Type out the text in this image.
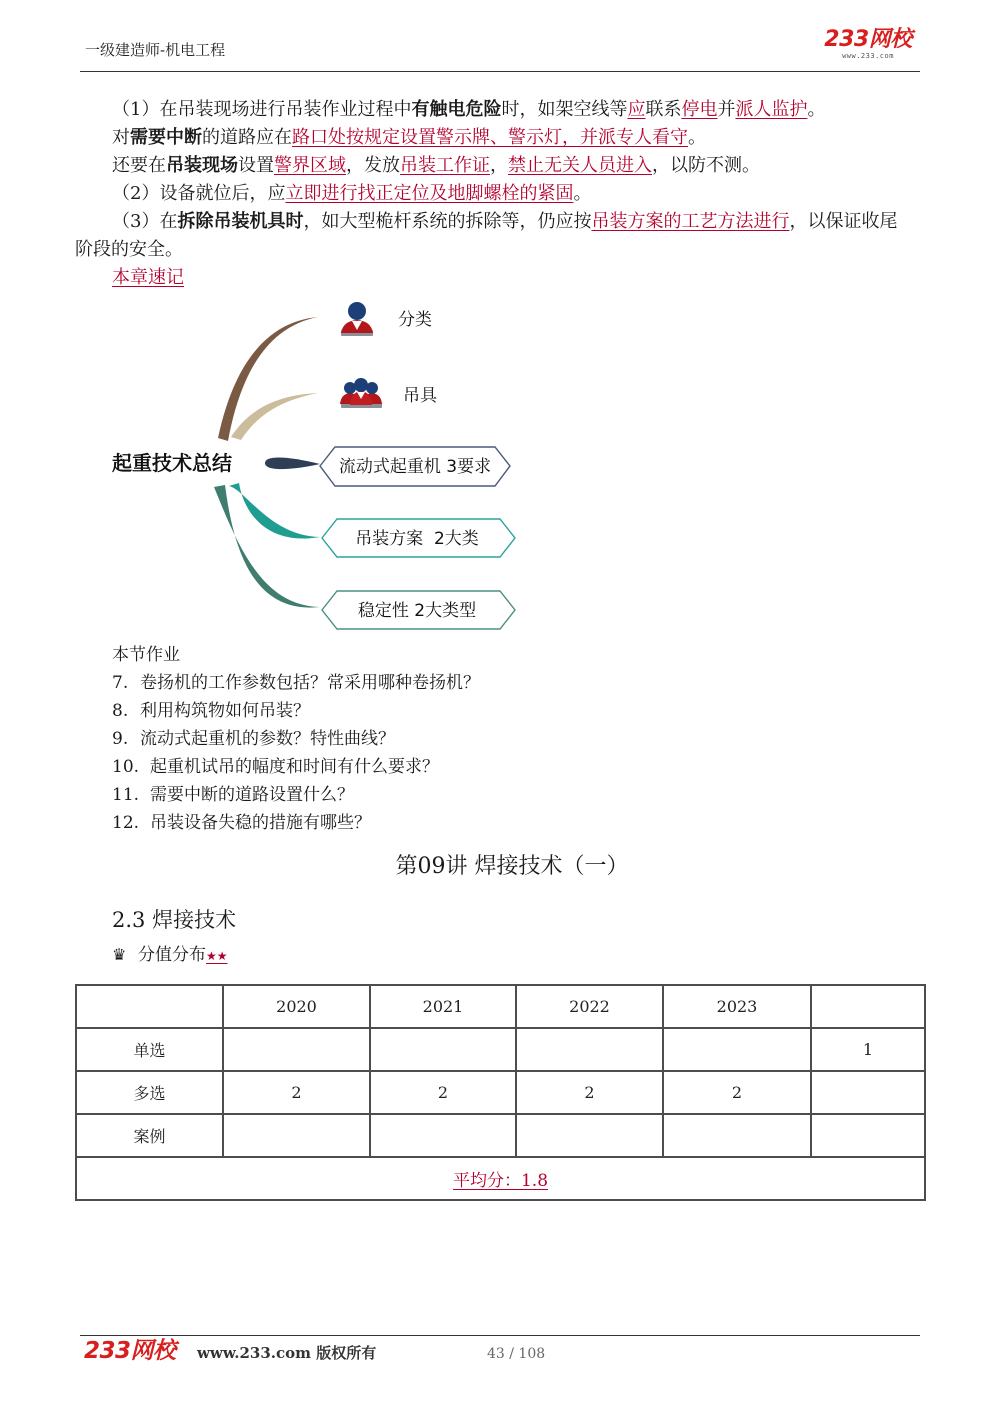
一级建造师-机电工程	233网校
www.233.com

（1）在吊装现场进行吊装作业过程中有触电危险时，如架空线等应联系停电并派人监护。

对需要中断的道路应在路口处按规定设置警示牌、警示灯，并派专人看守。

还要在吊装现场设置警界区域，发放吊装工作证，禁止无关人员进入，以防不测。

（2）设备就位后，应立即进行找正定位及地脚螺栓的紧固。

（3）在拆除吊装机具时，如大型桅杆系统的拆除等，仍应按吊装方案的工艺方法进行，以保证收尾

阶段的安全。

本章速记

起重技术总结
分类
吊具
流动式起重机 3要求
吊装方案  2大类
稳定性 2大类型
本节作业
7. 卷扬机的工作参数包括？常采用哪种卷扬机？
8. 利用构筑物如何吊装？
9. 流动式起重机的参数？特性曲线？
10. 起重机试吊的幅度和时间有什么要求？
11. 需要中断的道路设置什么？
12. 吊装设备失稳的措施有哪些？
第09讲 焊接技术（一）
2.3 焊接技术
♛ 分值分布★★
	2020	2021	2022	2023	
单选					1
多选	2	2	2	2	
案例					
平均分：1.8					
233网校 www.233.com 版权所有	43 / 108
